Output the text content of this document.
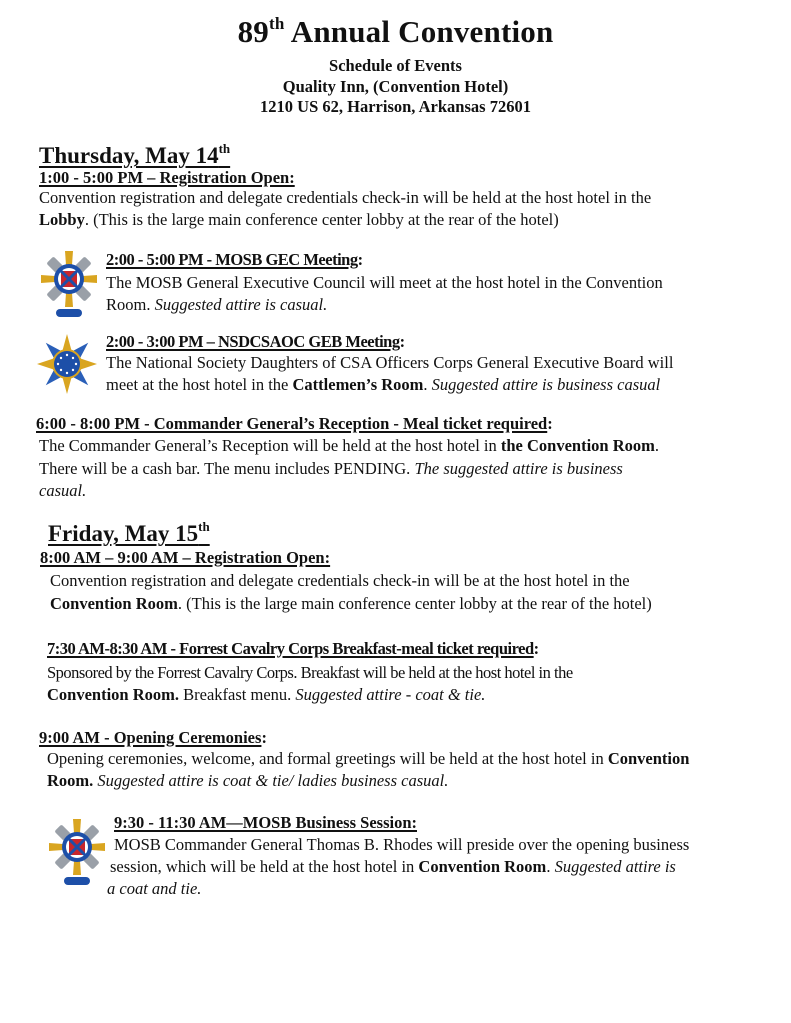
89th Annual Convention
Schedule of Events
Quality Inn, (Convention Hotel)
1210 US 62, Harrison, Arkansas 72601
Thursday, May 14th
1:00 - 5:00 PM – Registration Open:
Convention registration and delegate credentials check-in will be held at the host hotel in the
Lobby. (This is the large main conference center lobby at the rear of the hotel)
2:00 - 5:00 PM - MOSB GEC Meeting:
The MOSB General Executive Council will meet at the host hotel in the Convention
Room. Suggested attire is casual.
2:00 - 3:00 PM – NSDCSAOC GEB Meeting:
The National Society Daughters of CSA Officers Corps General Executive Board will
meet at the host hotel in the Cattlemen’s Room. Suggested attire is business casual
6:00 - 8:00 PM - Commander General’s Reception - Meal ticket required:
The Commander General’s Reception will be held at the host hotel in the Convention Room.
There will be a cash bar. The menu includes PENDING. The suggested attire is business
casual.
Friday, May 15th
8:00 AM – 9:00 AM – Registration Open:
Convention registration and delegate credentials check-in will be at the host hotel in the
Convention Room. (This is the large main conference center lobby at the rear of the hotel)
7:30 AM-8:30 AM - Forrest Cavalry Corps Breakfast-meal ticket required:
Sponsored by the Forrest Cavalry Corps. Breakfast will be held at the host hotel in the
Convention Room. Breakfast menu. Suggested attire - coat & tie.
9:00 AM - Opening Ceremonies:
Opening ceremonies, welcome, and formal greetings will be held at the host hotel in Convention
Room. Suggested attire is coat & tie/ ladies business casual.
9:30 - 11:30 AM—MOSB Business Session:
MOSB Commander General Thomas B. Rhodes will preside over the opening business
session, which will be held at the host hotel in Convention Room. Suggested attire is
a coat and tie.
